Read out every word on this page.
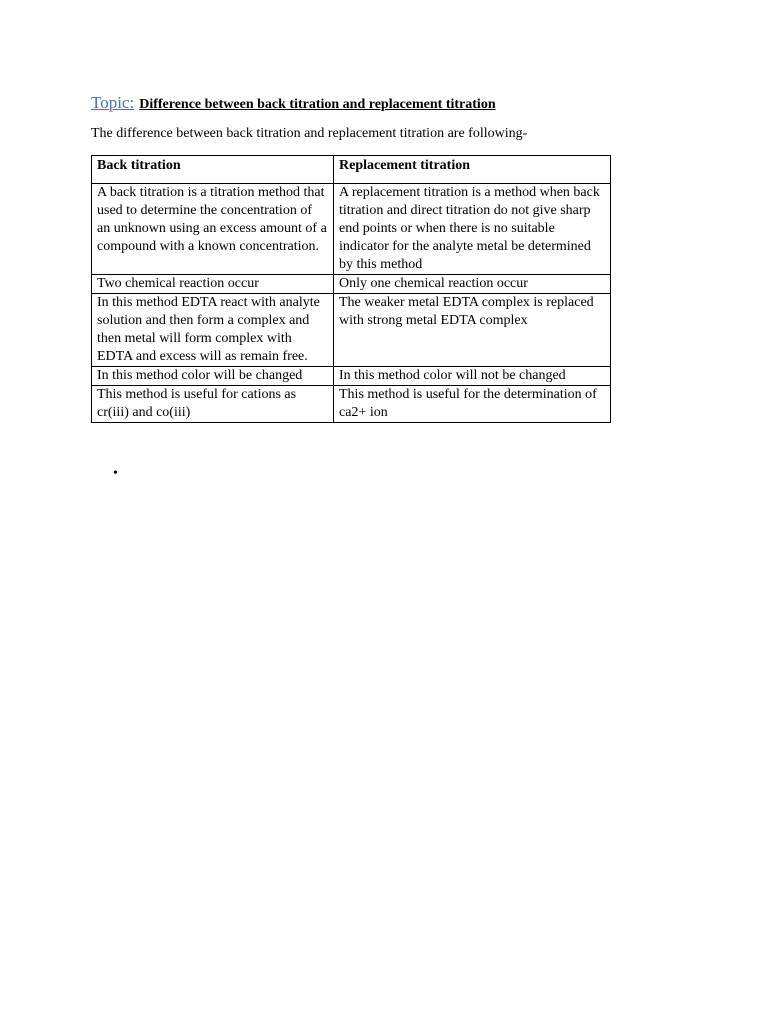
Topic: Difference between back titration and replacement titration
The difference between back titration and replacement titration are following-
Back titration	Replacement titration
A back titration is a titration method that used to determine the concentration of an unknown using an excess amount of a compound with a known concentration.	A replacement titration is a method when back titration and direct titration do not give sharp end points or when there is no suitable indicator for the analyte metal be determined by this method
Two chemical reaction occur	Only one chemical reaction occur
In this method EDTA react with analyte solution and then form a complex and then metal will form complex with EDTA and excess will as remain free.	The weaker metal EDTA complex is replaced with strong metal EDTA complex
In this method color will be changed	In this method color will not be changed
This method is useful for cations as cr(iii) and co(iii)	This method is useful for the determination of ca2+ ion
•
